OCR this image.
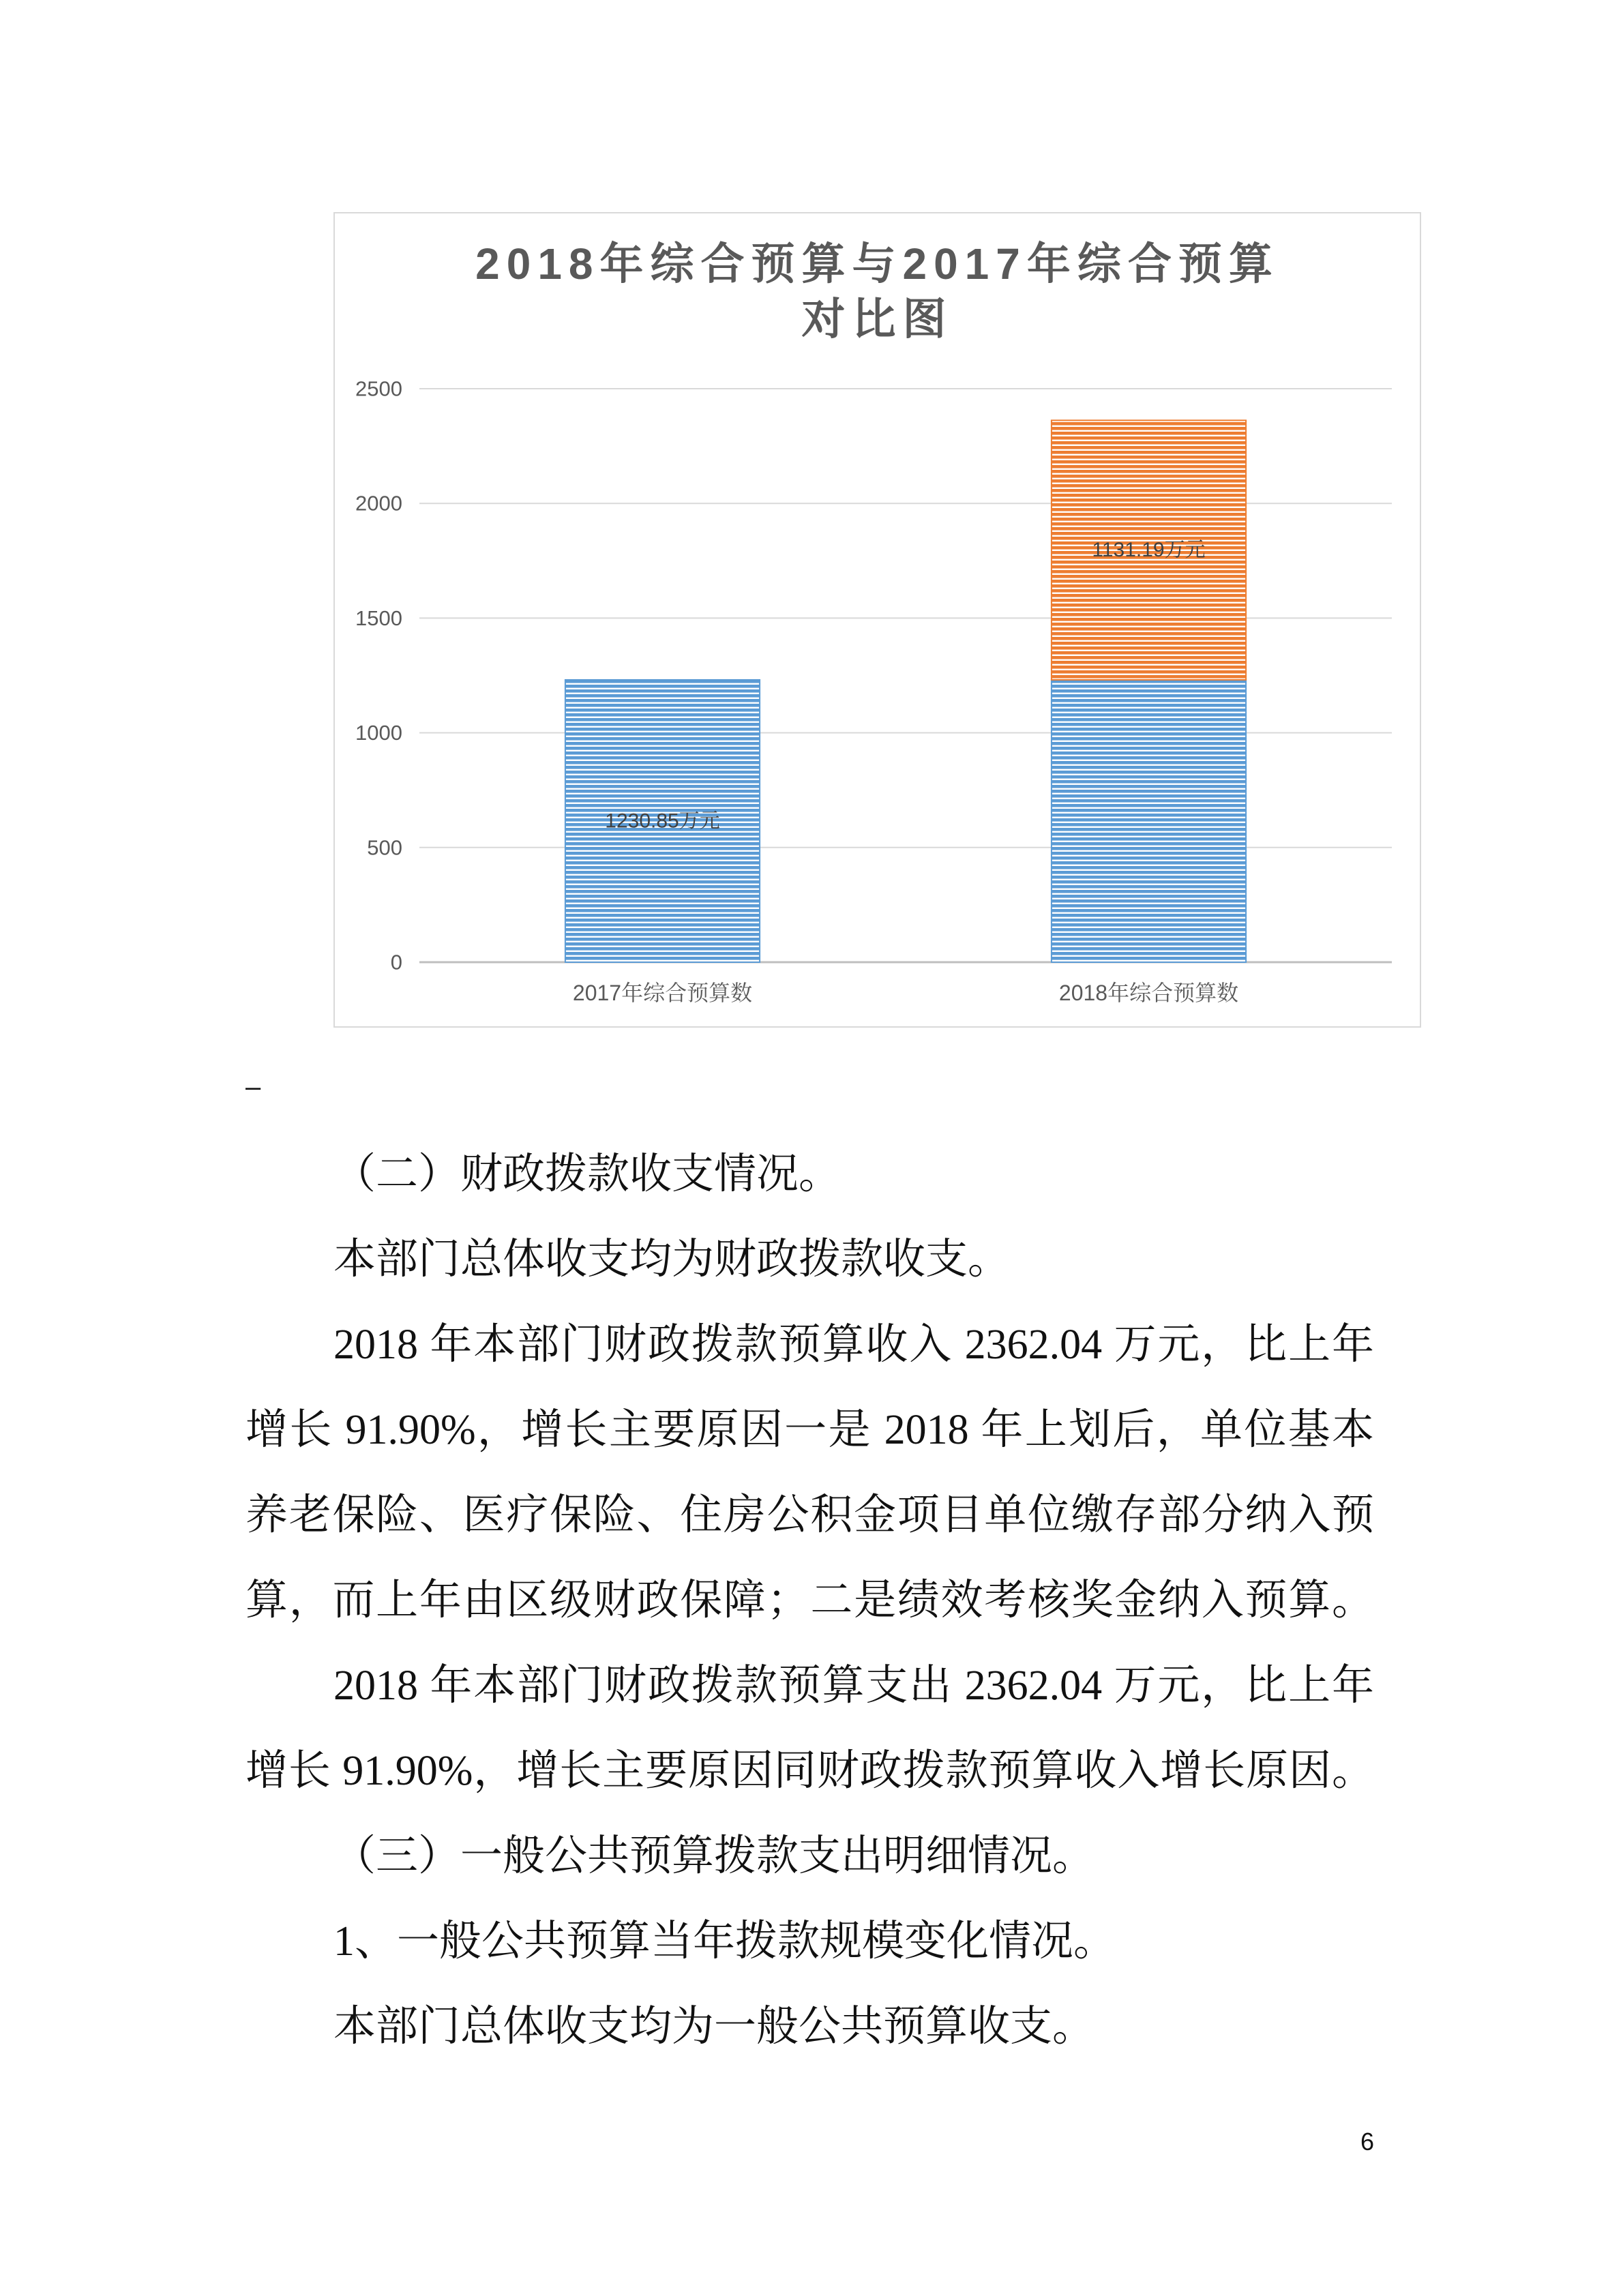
2018年综合预算与2017年综合预算
对比图
0
500
1000
1500
2000
2500
1230.85万元
1131.19万元
2017年综合预算数	2018年综合预算数
–
（二）财政拨款收支情况。
本部门总体收支均为财政拨款收支。
2018 年本部门财政拨款预算收入 2362.04 万元，比上年
增长 91.90%，增长主要原因一是 2018 年上划后，单位基本
养老保险、医疗保险、住房公积金项目单位缴存部分纳入预
算，而上年由区级财政保障；二是绩效考核奖金纳入预算。
2018 年本部门财政拨款预算支出 2362.04 万元，比上年
增长 91.90%，增长主要原因同财政拨款预算收入增长原因。
（三）一般公共预算拨款支出明细情况。
1、一般公共预算当年拨款规模变化情况。
本部门总体收支均为一般公共预算收支。
6
